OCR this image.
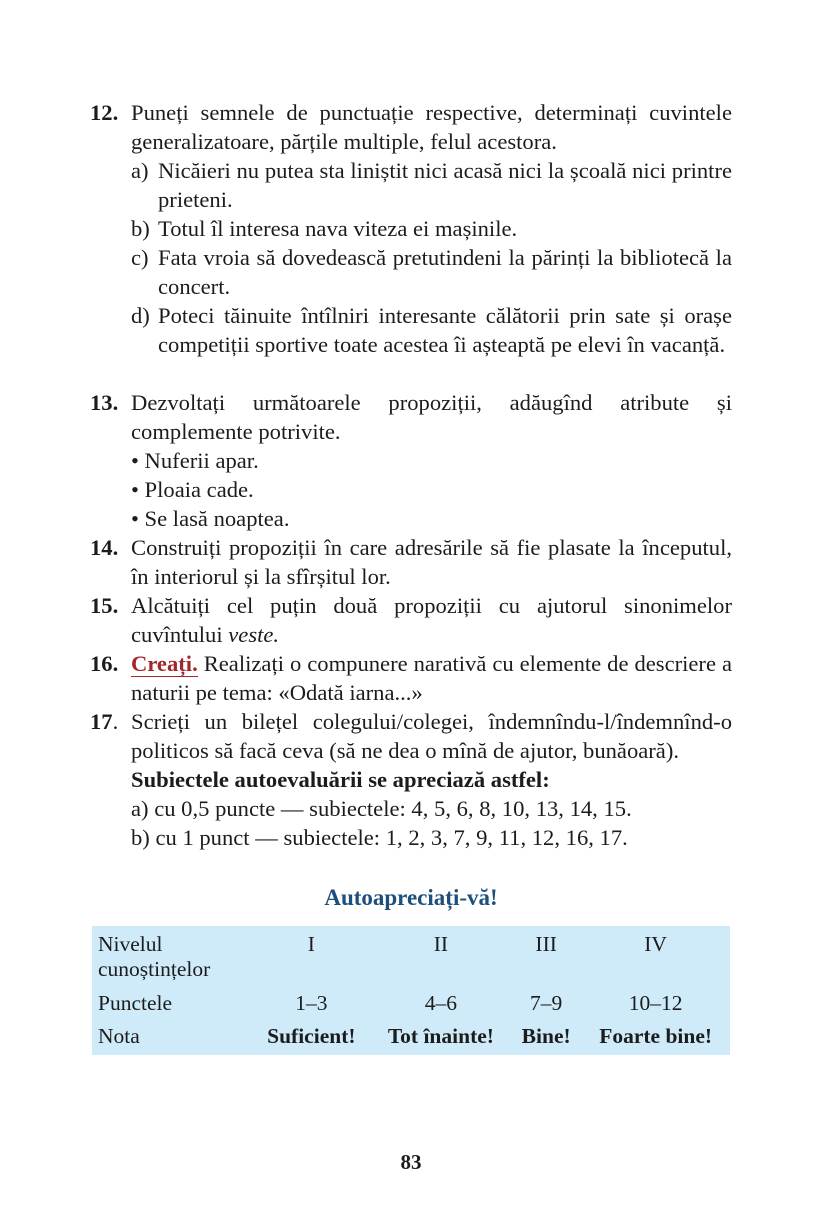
12. Puneți semnele de punctuație respective, determinați cuvintele generalizatoare, părțile multiple, felul acestora.
a) Nicăieri nu putea sta liniștit nici acasă nici la școală nici printre prieteni.
b) Totul îl interesa nava viteza ei mașinile.
c) Fata vroia să dovedească pretutindeni la părinți la bibliotecă la concert.
d) Poteci tăinuite întîlniri interesante călătorii prin sate și orașe competiții sportive toate acestea îi așteaptă pe elevi în vacanță.
13. Dezvoltați următoarele propoziții, adăugînd atribute și complemente potrivite.
• Nuferii apar.
• Ploaia cade.
• Se lasă noaptea.
14. Construiți propoziții în care adresările să fie plasate la începutul, în interiorul și la sfîrșitul lor.
15. Alcătuiți cel puțin două propoziții cu ajutorul sinonimelor cuvîntului veste.
16. Creați. Realizați o compunere narativă cu elemente de descriere a naturii pe tema: «Odată iarna...»
17. Scrieți un bilețel colegului/colegei, îndemnîndu-l/îndemnînd-o politicos să facă ceva (să ne dea o mînă de ajutor, bunăoară).
Subiectele autoevaluării se apreciază astfel:
a) cu 0,5 puncte — subiectele: 4, 5, 6, 8, 10, 13, 14, 15.
b) cu 1 punct — subiectele: 1, 2, 3, 7, 9, 11, 12, 16, 17.
Autoapreciați-vă!
Nivelul cunoștințelor	I	II	III	IV
Punctele	1–3	4–6	7–9	10–12
Nota	Suficient!	Tot înainte!	Bine!	Foarte bine!
83
